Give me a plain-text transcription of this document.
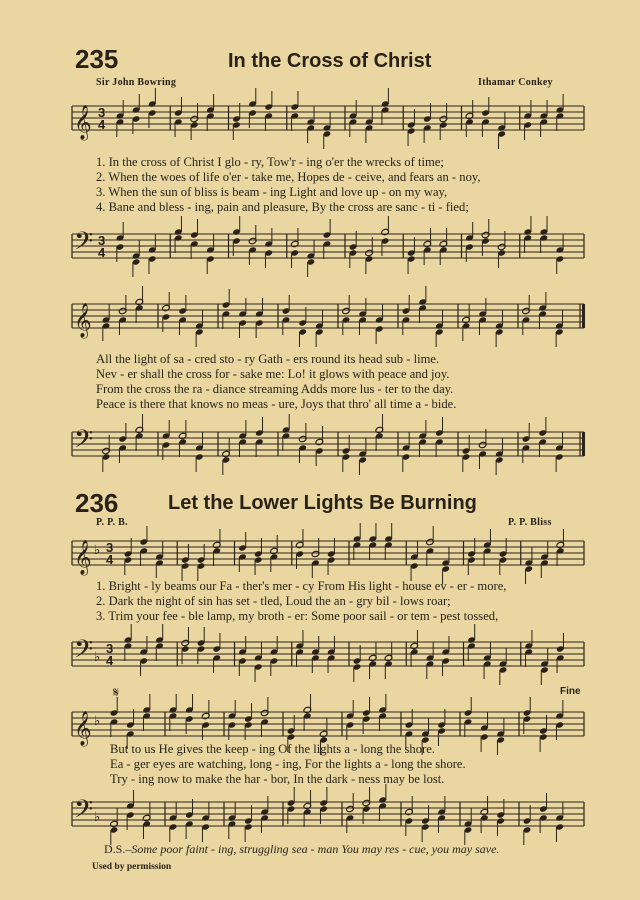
235	In the Cross of Christ
Sir John Bowring	Ithamar Conkey
𝄞 3
4
1. In the cross of Christ I glo - ry, Tow'r - ing o'er the wrecks of time;
2. When the woes of life o'er - take me, Hopes de - ceive, and fears an - noy,
3. When the sun of bliss is beam - ing Light and love up - on my way,
4. Bane and bless - ing, pain and pleasure, By the cross are sanc - ti - fied;
𝄢 3
4
𝄞
All the light of sa - cred sto - ry Gath - ers round its head sub - lime.
Nev - er shall the cross for - sake me: Lo! it glows with peace and joy.
From the cross the ra - diance streaming Adds more lus - ter to the day.
Peace is there that knows no meas - ure, Joys that thro' all time a - bide.
𝄢
236 Let the Lower Lights Be Burning
P. P. B.	P. P. Bliss
𝄞 ♭ 3
4
1. Bright - ly beams our Fa - ther's mer - cy From His light - house ev - er - more,
2. Dark the night of sin has set - tled, Loud the an - gry bil - lows roar;
3. Trim your fee - ble lamp, my broth - er: Some poor sail - or tem - pest tossed,
𝄢 ♭
3
4
𝄋	Fine
𝄞 ♭
But to us He gives the keep - ing Of the lights a - long the shore.
Ea - ger eyes are watching, long - ing, For the lights a - long the shore.
Try - ing now to make the har - bor, In the dark - ness may be lost.
𝄢 ♭
D.S.–Some poor faint - ing, struggling sea - man You may res - cue, you may save.
Used by permission
